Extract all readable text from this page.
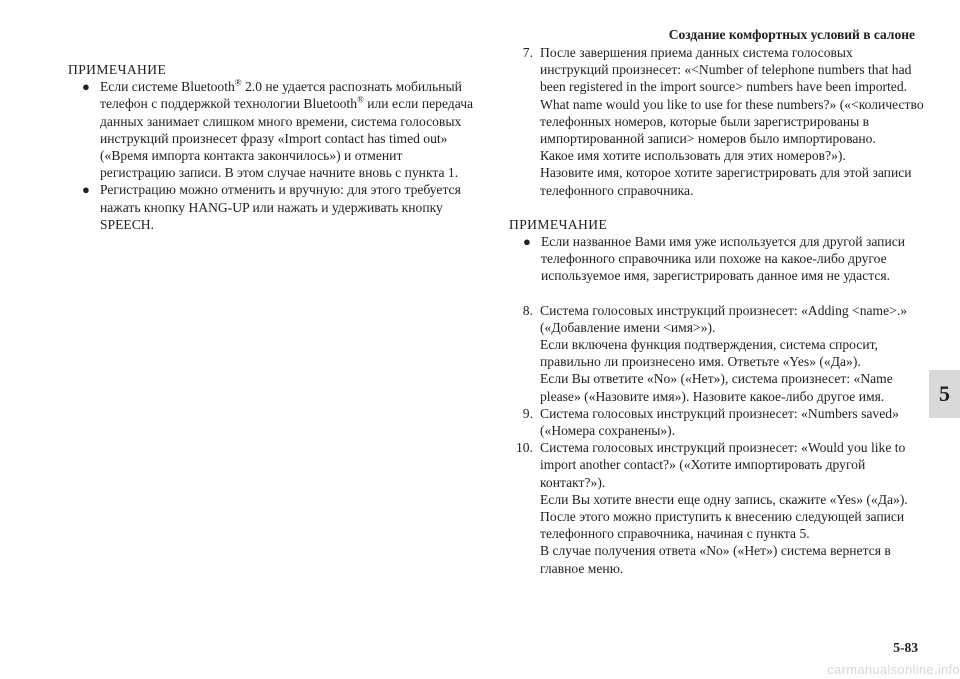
Создание комфортных условий в салоне
ПРИМЕЧАНИЕ
● Если системе Bluetooth® 2.0 не удается распознать мобильный
телефон с поддержкой технологии Bluetooth® или если передача
данных занимает слишком много времени, система голосовых
инструкций произнесет фразу «Import contact has timed out»
(«Время импорта контакта закончилось») и отменит
регистрацию записи. В этом случае начните вновь с пункта 1.
● Регистрацию можно отменить и вручную: для этого требуется
нажать кнопку HANG-UP или нажать и удерживать кнопку
SPEECH.
7. После завершения приема данных система голосовых
инструкций произнесет: «<Number of telephone numbers that had
been registered in the import source> numbers have been imported.
What name would you like to use for these numbers?» («<количество
телефонных номеров, которые были зарегистрированы в
импортированной записи> номеров было импортировано.
Какое имя хотите использовать для этих номеров?»).
Назовите имя, которое хотите зарегистрировать для этой записи
телефонного справочника.
ПРИМЕЧАНИЕ
● Если названное Вами имя уже используется для другой записи
телефонного справочника или похоже на какое-либо другое
используемое имя, зарегистрировать данное имя не удастся.
8. Система голосовых инструкций произнесет: «Adding <name>.»
(«Добавление имени <имя>»).
Если включена функция подтверждения, система спросит,
правильно ли произнесено имя. Ответьте «Yes» («Да»).
Если Вы ответите «No» («Нет»), система произнесет: «Name
please» («Назовите имя»). Назовите какое-либо другое имя.
9. Система голосовых инструкций произнесет: «Numbers saved»
(«Номера сохранены»).
10. Система голосовых инструкций произнесет: «Would you like to
import another contact?» («Хотите импортировать другой
контакт?»).
Если Вы хотите внести еще одну запись, скажите «Yes» («Да»).
После этого можно приступить к внесению следующей записи
телефонного справочника, начиная с пункта 5.
В случае получения ответа «No» («Нет») система вернется в
главное меню.
5
5-83
carmanualsonline.info
